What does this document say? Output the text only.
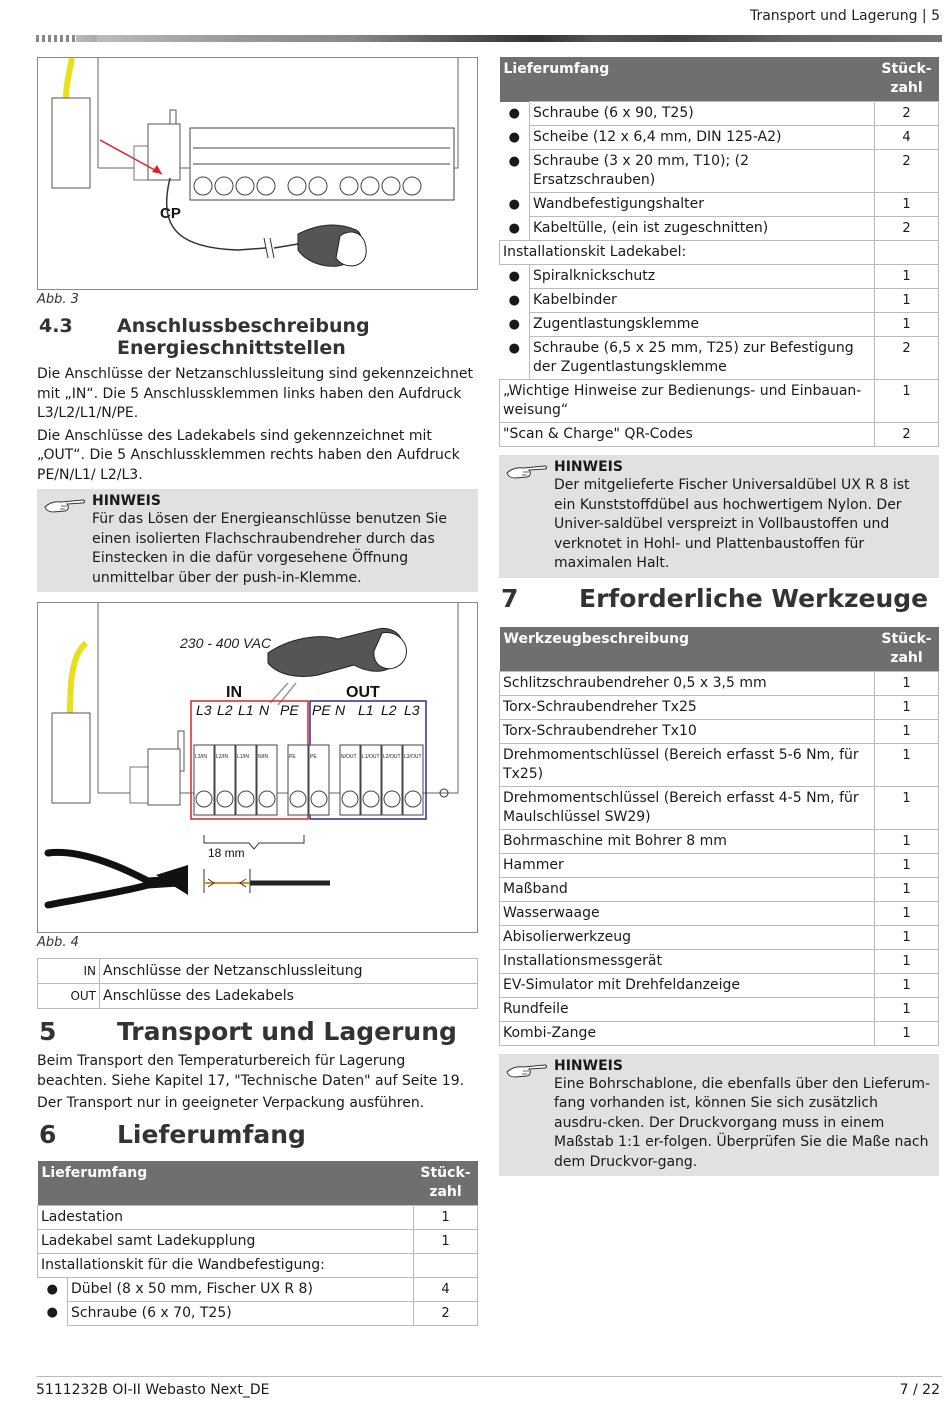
Transport und Lagerung | 5
CP
Abb. 3
4.3	Anschlussbeschreibung
Energieschnittstellen

Die Anschlüsse der Netzanschlussleitung sind gekennzeichnet mit „IN“. Die 5 Anschlussklemmen links haben den Aufdruck L3/L2/L1/N/PE.

Die Anschlüsse des Ladekabels sind gekennzeichnet mit „OUT“. Die 5 Anschlussklemmen rechts haben den Aufdruck PE/N/L1/ L2/L3.

HINWEIS
Für das Lösen der Energieanschlüsse benutzen Sie einen isolierten Flachschraubendreher durch das Einstecken in die dafür vorgesehene Öffnung unmittelbar über der push-in-Klemme.
230 - 400 VAC
IN	OUT
L3 L2 L1 N PE PE N L1 L2 L3
L3/IN L2/IN L1/IN N/IN	PE	PE	N/OUT L1/OUT L2/OUT L3/OUT
18 mm
Abb. 4
IN	Anschlüsse der Netzanschlussleitung
OUT	Anschlüsse des Ladekabels
5	Transport und Lagerung

Beim Transport den Temperaturbereich für Lagerung beachten. Siehe Kapitel 17, "Technische Daten" auf Seite 19.

Der Transport nur in geeigneter Verpackung ausführen.

6	Lieferumfang
Lieferumfang		Stück-zahl
Ladestation		1
Ladekabel samt Ladekupplung		1
Installationskit für die Wandbefestigung:		
●	Dübel (8 x 50 mm, Fischer UX R 8)	4
●	Schraube (6 x 70, T25)	2
Lieferumfang		Stück-zahl
●	Schraube (6 x 90, T25)	2
●	Scheibe (12 x 6,4 mm, DIN 125-A2)	4
●	Schraube (3 x 20 mm, T10); (2 Ersatzschrauben)	2
●	Wandbefestigungshalter	1
●	Kabeltülle, (ein ist zugeschnitten)	2
Installationskit Ladekabel:		
●	Spiralknickschutz	1
●	Kabelbinder	1
●	Zugentlastungsklemme	1
●	Schraube (6,5 x 25 mm, T25) zur Befestigung der Zugentlastungsklemme	2
„Wichtige Hinweise zur Bedienungs- und Einbauan-weisung“		1
"Scan & Charge" QR-Codes		2
HINWEIS
Der mitgelieferte Fischer Universaldübel UX R 8 ist ein Kunststoffdübel aus hochwertigem Nylon. Der Univer-saldübel verspreizt in Vollbaustoffen und verknotet in Hohl- und Plattenbaustoffen für maximalen Halt.
7	Erforderliche Werkzeuge
Werkzeugbeschreibung	Stück-zahl
Schlitzschraubendreher 0,5 x 3,5 mm	1
Torx-Schraubendreher Tx25	1
Torx-Schraubendreher Tx10	1
Drehmomentschlüssel (Bereich erfasst 5-6 Nm, für Tx25)	1
Drehmomentschlüssel (Bereich erfasst 4-5 Nm, für Maulschlüssel SW29)	1
Bohrmaschine mit Bohrer 8 mm	1
Hammer	1
Maßband	1
Wasserwaage	1
Abisolierwerkzeug	1
Installationsmessgerät	1
EV-Simulator mit Drehfeldanzeige	1
Rundfeile	1
Kombi-Zange	1
HINWEIS
Eine Bohrschablone, die ebenfalls über den Lieferum-fang vorhanden ist, können Sie sich zusätzlich ausdru-cken. Der Druckvorgang muss in einem Maßstab 1:1 er-folgen. Überprüfen Sie die Maße nach dem Druckvor-gang.
5111232B OI-II Webasto Next_DE	7 / 22
